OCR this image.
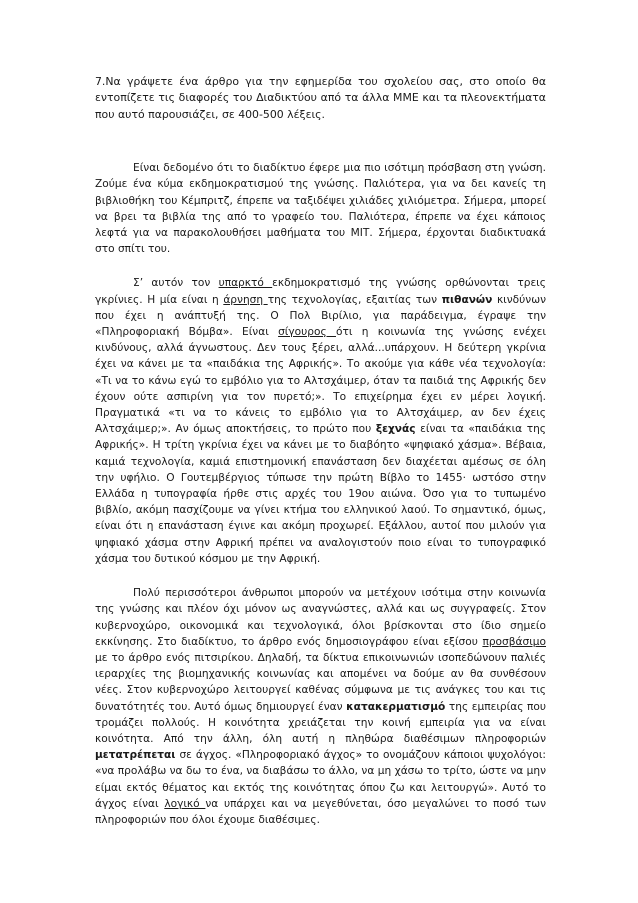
7.Να γράψετε ένα άρθρο για την εφημερίδα του σχολείου σας, στο οποίο θα εντοπίζετε τις διαφορές του Διαδικτύου από τα άλλα ΜΜΕ και τα πλεονεκτήματα που αυτό παρουσιάζει, σε 400-500 λέξεις.

Είναι δεδομένο ότι το διαδίκτυο έφερε μια πιο ισότιμη πρόσβαση στη γνώση. Ζούμε ένα κύμα εκδημοκρατισμού της γνώσης. Παλιότερα, για να δει κανείς τη βιβλιοθήκη του Κέμπριτζ, έπρεπε να ταξιδέψει χιλιάδες χιλιόμετρα. Σήμερα, μπορεί να βρει τα βιβλία της από το γραφείο του. Παλιότερα, έπρεπε να έχει κάποιος λεφτά για να παρακολουθήσει μαθήματα του ΜΙΤ. Σήμερα, έρχονται διαδικτυακά στο σπίτι του.

Σ’ αυτόν τον υπαρκτό εκδημοκρατισμό της γνώσης ορθώνονται τρεις γκρίνιες. Η μία είναι η άρνηση της τεχνολογίας, εξαιτίας των πιθανών κινδύνων που έχει η ανάπτυξή της. Ο Πολ Βιρίλιο, για παράδειγμα, έγραψε την «Πληροφοριακή Βόμβα». Είναι σίγουρος ότι η κοινωνία της γνώσης ενέχει κινδύνους, αλλά άγνωστους. Δεν τους ξέρει, αλλά...υπάρχουν. Η δεύτερη γκρίνια έχει να κάνει με τα «παιδάκια της Αφρικής». Το ακούμε για κάθε νέα τεχνολογία: «Τι να το κάνω εγώ το εμβόλιο για το Αλτσχάιμερ, όταν τα παιδιά της Αφρικής δεν έχουν ούτε ασπιρίνη για τον πυρετό;». Το επιχείρημα έχει εν μέρει λογική. Πραγματικά «τι να το κάνεις το εμβόλιο για το Αλτσχάιμερ, αν δεν έχεις Αλτσχάιμερ;». Αν όμως αποκτήσεις, το πρώτο που ξεχνάς είναι τα «παιδάκια της Αφρικής». Η τρίτη γκρίνια έχει να κάνει με το διαβόητο «ψηφιακό χάσμα». Βέβαια, καμιά τεχνολογία, καμιά επιστημονική επανάσταση δεν διαχέεται αμέσως σε όλη την υφήλιο. Ο Γουτεμβέργιος τύπωσε την πρώτη Βίβλο το 1455· ωστόσο στην Ελλάδα η τυπογραφία ήρθε στις αρχές του 19ου αιώνα. Όσο για το τυπωμένο βιβλίο, ακόμη πασχίζουμε να γίνει κτήμα του ελληνικού λαού. Το σημαντικό, όμως, είναι ότι η επανάσταση έγινε και ακόμη προχωρεί. Εξάλλου, αυτοί που μιλούν για ψηφιακό χάσμα στην Αφρική πρέπει να αναλογιστούν ποιο είναι το τυπογραφικό χάσμα του δυτικού κόσμου με την Αφρική.

Πολύ περισσότεροι άνθρωποι μπορούν να μετέχουν ισότιμα στην κοινωνία της γνώσης και πλέον όχι μόνον ως αναγνώστες, αλλά και ως συγγραφείς. Στον κυβερνοχώρο, οικονομικά και τεχνολογικά, όλοι βρίσκονται στο ίδιο σημείο εκκίνησης. Στο διαδίκτυο, το άρθρο ενός δημοσιογράφου είναι εξίσου προσβάσιμο με το άρθρο ενός πιτσιρίκου. Δηλαδή, τα δίκτυα επικοινωνιών ισοπεδώνουν παλιές ιεραρχίες της βιομηχανικής κοινωνίας και απομένει να δούμε αν θα συνθέσουν νέες. Στον κυβερνοχώρο λειτουργεί καθένας σύμφωνα με τις ανάγκες του και τις δυνατότητές του. Αυτό όμως δημιουργεί έναν κατακερματισμό της εμπειρίας που τρομάζει πολλούς. Η κοινότητα χρειάζεται την κοινή εμπειρία για να είναι κοινότητα. Από την άλλη, όλη αυτή η πληθώρα διαθέσιμων πληροφοριών μετατρέπεται σε άγχος. «Πληροφοριακό άγχος» το ονομάζουν κάποιοι ψυχολόγοι: «να προλάβω να δω το ένα, να διαβάσω το άλλο, να μη χάσω το τρίτο, ώστε να μην είμαι εκτός θέματος και εκτός της κοινότητας όπου ζω και λειτουργώ». Αυτό το άγχος είναι λογικό να υπάρχει και να μεγεθύνεται, όσο μεγαλώνει το ποσό των πληροφοριών που όλοι έχουμε διαθέσιμες.
